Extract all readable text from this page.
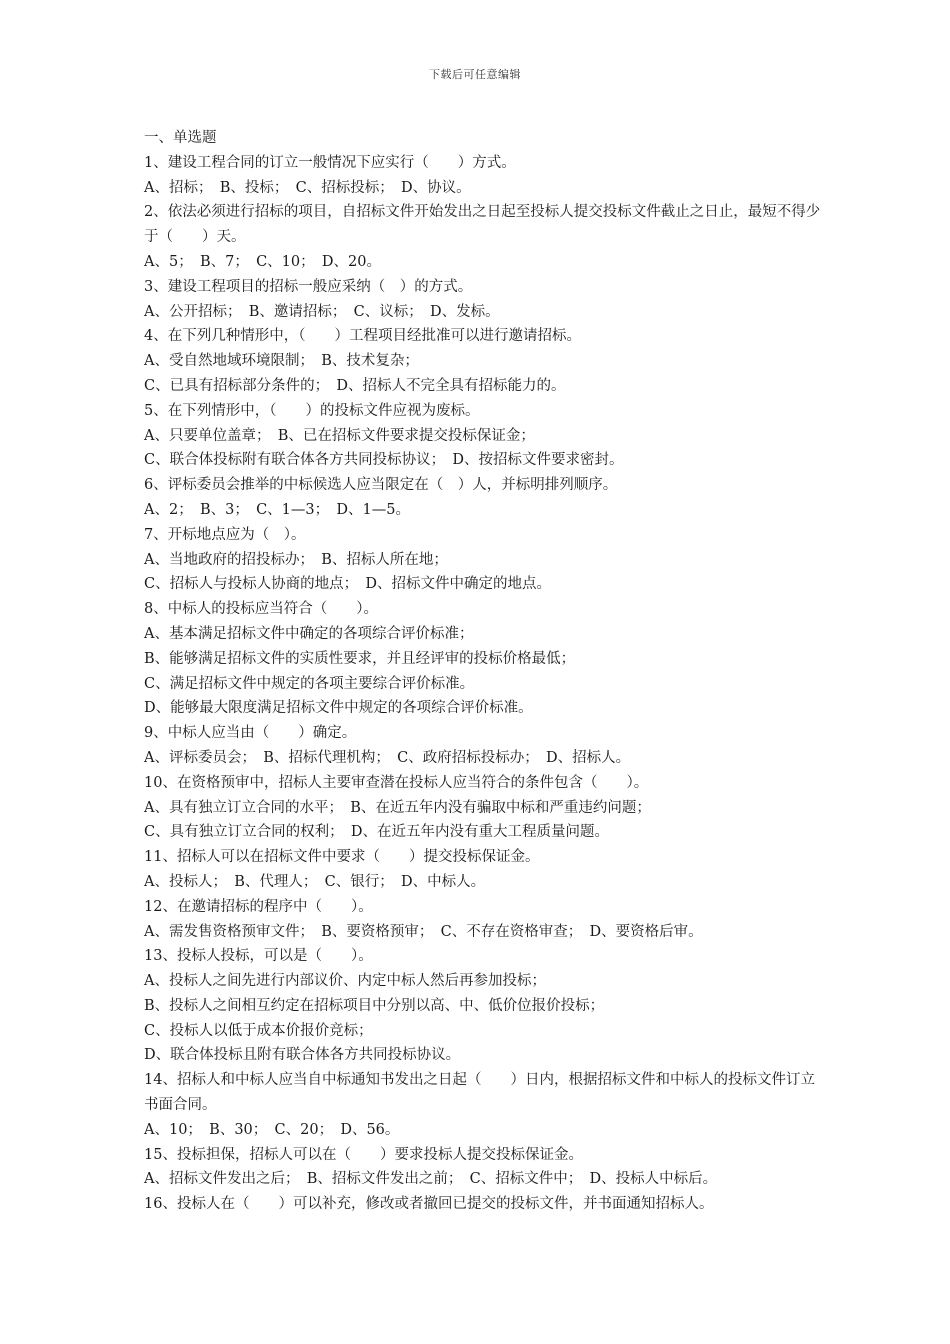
下载后可任意编辑

一、单选题

1、建设工程合同的订立一般情况下应实行（　　）方式。

A、招标；　B、投标；　C、招标投标；　D、协议。

2、依法必须进行招标的项目，自招标文件开始发出之日起至投标人提交投标文件截止之日止，最短不得少于（　　）天。

A、5；　B、7；　C、10；　D、20。

3、建设工程项目的招标一般应采纳（　）的方式。

A、公开招标；　B、邀请招标；　C、议标；　D、发标。

4、在下列几种情形中，（　　）工程项目经批准可以进行邀请招标。

A、受自然地域环境限制；　B、技术复杂；

C、已具有招标部分条件的；　D、招标人不完全具有招标能力的。

5、在下列情形中，（　　）的投标文件应视为废标。

A、只要单位盖章；　B、已在招标文件要求提交投标保证金；

C、联合体投标附有联合体各方共同投标协议；　D、按招标文件要求密封。

6、评标委员会推举的中标候选人应当限定在（　）人，并标明排列顺序。

A、2；　B、3；　C、1—3；　D、1—5。

7、开标地点应为（　）。

A、当地政府的招投标办；　B、招标人所在地；

C、招标人与投标人协商的地点；　D、招标文件中确定的地点。

8、中标人的投标应当符合（　　）。

A、基本满足招标文件中确定的各项综合评价标准；

B、能够满足招标文件的实质性要求，并且经评审的投标价格最低；

C、满足招标文件中规定的各项主要综合评价标准。

D、能够最大限度满足招标文件中规定的各项综合评价标准。

9、中标人应当由（　　）确定。

A、评标委员会；　B、招标代理机构；　C、政府招标投标办；　D、招标人。

10、在资格预审中，招标人主要审查潜在投标人应当符合的条件包含（　　）。

A、具有独立订立合同的水平；　B、在近五年内没有骗取中标和严重违约问题；

C、具有独立订立合同的权利；　D、在近五年内没有重大工程质量问题。

11、招标人可以在招标文件中要求（　　）提交投标保证金。

A、投标人；　B、代理人；　C、银行；　D、中标人。

12、在邀请招标的程序中（　　）。

A、需发售资格预审文件；　B、要资格预审；　C、不存在资格审查；　D、要资格后审。

13、投标人投标，可以是（　　）。

A、投标人之间先进行内部议价、内定中标人然后再参加投标；

B、投标人之间相互约定在招标项目中分别以高、中、低价位报价投标；

C、投标人以低于成本价报价竞标；

D、联合体投标且附有联合体各方共同投标协议。

14、招标人和中标人应当自中标通知书发出之日起（　　）日内，根据招标文件和中标人的投标文件订立书面合同。

A、10；　B、30；　C、20；　D、56。

15、投标担保，招标人可以在（　　）要求投标人提交投标保证金。

A、招标文件发出之后；　B、招标文件发出之前；　C、招标文件中；　D、投标人中标后。

16、投标人在（　　）可以补充，修改或者撤回已提交的投标文件，并书面通知招标人。
